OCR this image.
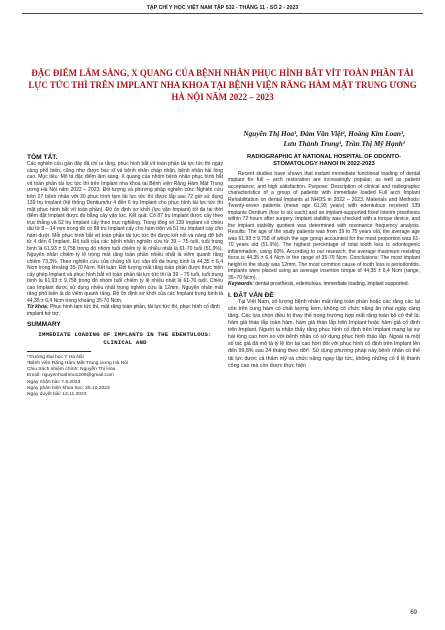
TẠP CHÍ Y HỌC VIỆT NAM TẬP 532 - THÁNG 11 - SỐ 2 - 2023
ĐẶC ĐIỂM LÂM SÀNG, X QUANG CỦA BỆNH NHÂN PHỤC HÌNH BẮT VÍT TOÀN PHẦN TẢI LỰC TỨC THÌ TRÊN IMPLANT NHA KHOA TẠI BỆNH VIỆN RĂNG HÀM MẶT TRUNG ƯƠNG HÀ NỘI NĂM 2022 – 2023
Nguyễn Thị Hoa¹, Đàm Văn Việt², Hoàng Kim Loan¹,
Lưu Thành Trung¹, Trần Thị Mỹ Hạnh¹
TÓM TẮT.
Các nghiên cứu gần đây đã chỉ ra rằng, phục hình bắt vít toàn phần tải lực tức thì ngày càng phổ biến, cũng như được bác sĩ và bệnh nhân chấp nhận, bệnh nhân hài lòng cao. Mục tiêu: Mô tả đặc điểm lâm sàng, X quang của nhóm bệnh nhân phục hình bắt vít toàn phần tải lực tức thì trên Implant nha khoa tại Bệnh viện Răng Hàm Mặt Trung ương Hà Nội năm 2022 – 2023. Đối tượng và phương pháp nghiên cứu: Nghiên cứu trên 27 bệnh nhân với 30 phục hình tạm tải lực tức thì được lắp sau 72 giờ sử dụng 139 trụ Implant (hệ thống Dentium/tư 4 đến 6 trụ Implant cho phục hình tải lực tức thì mặt phục hình bắt vít toàn phần). Độ ổn định sơ khởi (lực vặn Implant) tối đa tại thời điểm đặt Implant được đo bằng cây vặn lực. Kết quả: Có 87 trụ Implant được cấy theo trục thẳng và 52 trụ Implant cấy theo trục nghiêng. Trong tổng số 139 Implant có chiều dài từ 8 – 14 mm trong đó có 88 trụ Implant cấy cho hàm trên và 51 trụ Implant cấy cho hàm dưới. Mỗi phục hình bắt vít toàn phần tải lực tức thì được kết nối và nâng đỡ bởi từ 4 đến 6 Implant. Độ tuổi của các bệnh nhân nghiên cứu từ 39 – 75 tuổi, tuổi trung bình là 61,93 ± 9,758 trong đó nhóm tuổi chiếm tỷ lệ nhiều nhất là 61-70 tuổi (51,9%). Nguyên nhân chiếm tỷ lệ trong mất răng toàn phần nhiều nhất là viêm quanh răng chiếm 73,3%. Theo nghiên cứu của chúng tôi lực vặn tối đa trung bình là 44,35 ± 6,4 Ncm trong khoảng 35-70 Ncm. Kết luận: Đối tượng mất răng toàn phần được thực hiện cấy ghép Implant và phục hình bắt vít toàn phần tải lực tức thì là 39 – 75 tuổi, tuổi trung bình là 61,93 ± 9,758 trong đó nhóm tuổi chiếm tỷ lệ nhiều nhất là 61-70 tuổi. Chiều cao Implant được sử dụng nhiều nhất trong nghiên cứu là 12mm. Nguyên nhân mất răng phổ biến là do viêm quanh răng. Độ ổn định sơ khởi của các Implant trung bình là 44,35 ± 6,4 Ncm trong khoảng 35-70 Ncm.
Từ khóa: Phục hình tạm tức thì, mất răng toàn phần, tải lực tức thì, phục hình cố định implant hở trợ.
SUMMARY
IMMEDIATE LOADING OF IMPLANTS IN THE EDENTULOUS: CLINICAL AND
¹Trường Đại học Y Hà Nội
²Bệnh viện Răng Hàm Mặt Trung ương Hà Nội
Chịu trách nhiệm chính: Nguyễn Thị Hoa
Email: nguyenhoahmu1209@gmail.com
Ngày nhận bài: 7.9.2023
Ngày phản biện khoa học: 25.10.2023
Ngày duyệt bài: 13.11.2023
RADIOGRAPHIC AT NATIONAL HOSPITAL OF ODONTO-STOMATOLOGY HANOI IN 2022-2023
Recent studies have shown that instant immediate functional loading of dental implant for full – arch restoration are increasingly popular, as well as patient acceptance, and high satisfaction. Purpose: Description of clinical and radiographic characteristics of a group of patients with immediate loaded Full arch Implant Rehabilitation on dental implants at NHOS in 2022 – 2023. Materials and Methods: Twenty-seven patients (mean age 61,93 years) with edentulous received 139 implants Dentium (four to six each) and an implant-supported fixed interim prosthesis within 72 hours after surgery. Implant stability was checked with a torque device, and the implant stability quotient was determined with resonance frequency analysis. Results: The age of the study patients was from 39 to 75 years old, the average age was 61.93 ± 9,758 of which the age group accounted for the most proportion was 61-70 years old (51.9%). The highest percentage of total tooth loss is odontogenic inflammation, using 60%. According to our research, the average maximum resisting force is 44.35 ± 6.4 Ncm in the range of 35-70 Ncm. Conclusions: The most implant height in the study was 12mm. The most common cause of tooth loss is periodontitis. Implants were placed using an average insertion torque of 44,35 ± 6,4 Ncm (range, 35–70 Ncm).
Keywords: dental prosthesis, edentulous, immediate loading, implant supported.
I. ĐẶT VẤN ĐỀ
Tại Việt Nam, số lượng bệnh nhân mất răng toàn phần hoặc các răng các lại còn trên cung hàm có chất lượng kém, không có chức năng ăn nhai ngày càng tăng. Các lựa chọn điều trị thay thế trong trường hợp mất răng toàn bộ có thể là: hàm giả tháo lắp toàn hàm, hàm giả tháo lắp trên Implant hoặc hàm giả cố định trên Implant. Người ta nhận thấy rằng phục hình cố định trên Implant mang lại sự hài lòng cao hơn so với bệnh nhân có sử dụng phục hình tháo lắp. Ngoài ra một số tác giả đã mô tả tỷ lệ tồn tại cao hơn đối với phục hình cố định trên Implant lên đến 99,8% sau 24 tháng theo dõi⁶. Sử dụng phương pháp này bệnh nhân có thể tải lực được cả thẩm mỹ và chức năng ngay lập tức, không những cố tỉ lệ thành công cao mà còn được thực hiện
69
